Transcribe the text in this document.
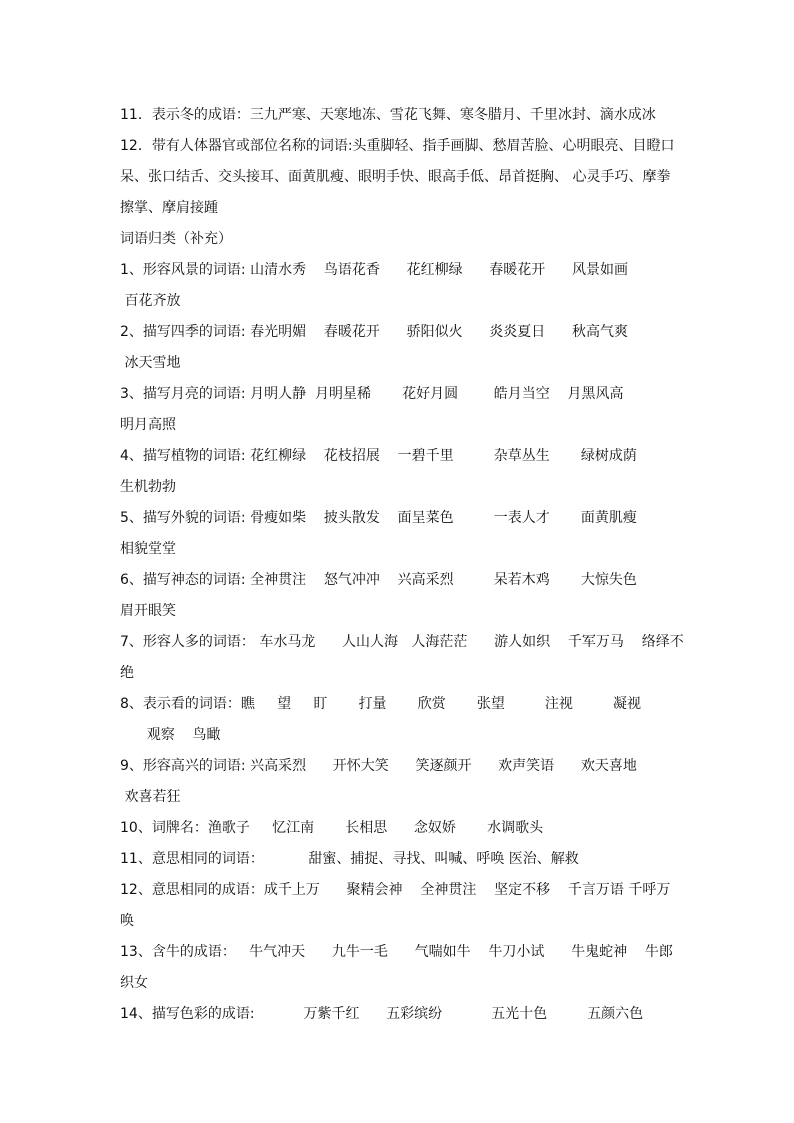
11．表示冬的成语：三九严寒、天寒地冻、雪花飞舞、寒冬腊月、千里冰封、滴水成冰

12．带有人体器官或部位名称的词语:头重脚轻、指手画脚、愁眉苦脸、心明眼亮、目瞪口呆、张口结舌、交头接耳、面黄肌瘦、眼明手快、眼高手低、昂首挺胸、 心灵手巧、摩拳擦掌、摩肩接踵

词语归类（补充）

1、形容风景的词语: 山清水秀    鸟语花香      花红柳绿      春暖花开      风景如画
百花齐放

2、描写四季的词语: 春光明媚    春暖花开      骄阳似火      炎炎夏日      秋高气爽
冰天雪地

3、描写月亮的词语: 月明人静  月明星稀       花好月圆        皓月当空    月黑风高
明月高照

4、描写植物的词语: 花红柳绿    花枝招展    一碧千里         杂草丛生       绿树成荫
生机勃勃

5、描写外貌的词语: 骨瘦如柴    披头散发    面呈菜色         一表人才       面黄肌瘦
相貌堂堂

6、描写神态的词语: 全神贯注    怒气冲冲    兴高采烈         呆若木鸡       大惊失色
眉开眼笑

7、形容人多的词语： 车水马龙      人山人海   人海茫茫      游人如织    千军万马    络绎不绝

8、表示看的词语：瞧     望     盯       打量       欣赏       张望         注视         凝视
观察    鸟瞰

9、形容高兴的词语: 兴高采烈      开怀大笑      笑逐颜开      欢声笑语      欢天喜地
欢喜若狂

10、词牌名：渔歌子     忆江南       长相思      念奴娇       水调歌头

11、意思相同的词语：          甜蜜、捕捉、寻找、叫喊、呼唤 医治、解救

12、意思相同的成语：成千上万      聚精会神    全神贯注    坚定不移    千言万语 千呼万唤

13、含牛的成语：   牛气冲天      九牛一毛      气喘如牛    牛刀小试      牛鬼蛇神    牛郎织女

14、描写色彩的成语:           万紫千红      五彩缤纷           五光十色         五颜六色
